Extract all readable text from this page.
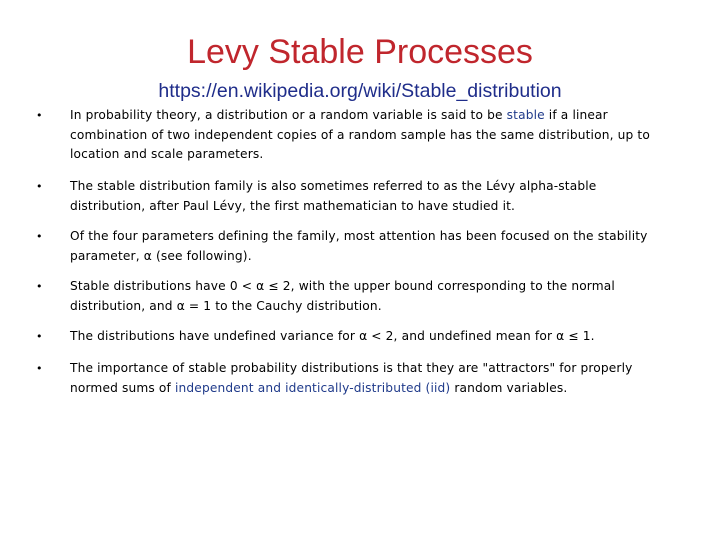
Levy Stable Processes
https://en.wikipedia.org/wiki/Stable_distribution
• In probability theory, a distribution or a random variable is said to be stable if a linear
combination of two independent copies of a random sample has the same distribution, up to
location and scale parameters.
• The stable distribution family is also sometimes referred to as the Lévy alpha-stable
distribution, after Paul Lévy, the first mathematician to have studied it.
• Of the four parameters defining the family, most attention has been focused on the stability
parameter, α (see following).
• Stable distributions have 0 < α ≤ 2, with the upper bound corresponding to the normal
distribution, and α = 1 to the Cauchy distribution.
• The distributions have undefined variance for α < 2, and undefined mean for α ≤ 1.
• The importance of stable probability distributions is that they are "attractors" for properly
normed sums of independent and identically-distributed (iid) random variables.
